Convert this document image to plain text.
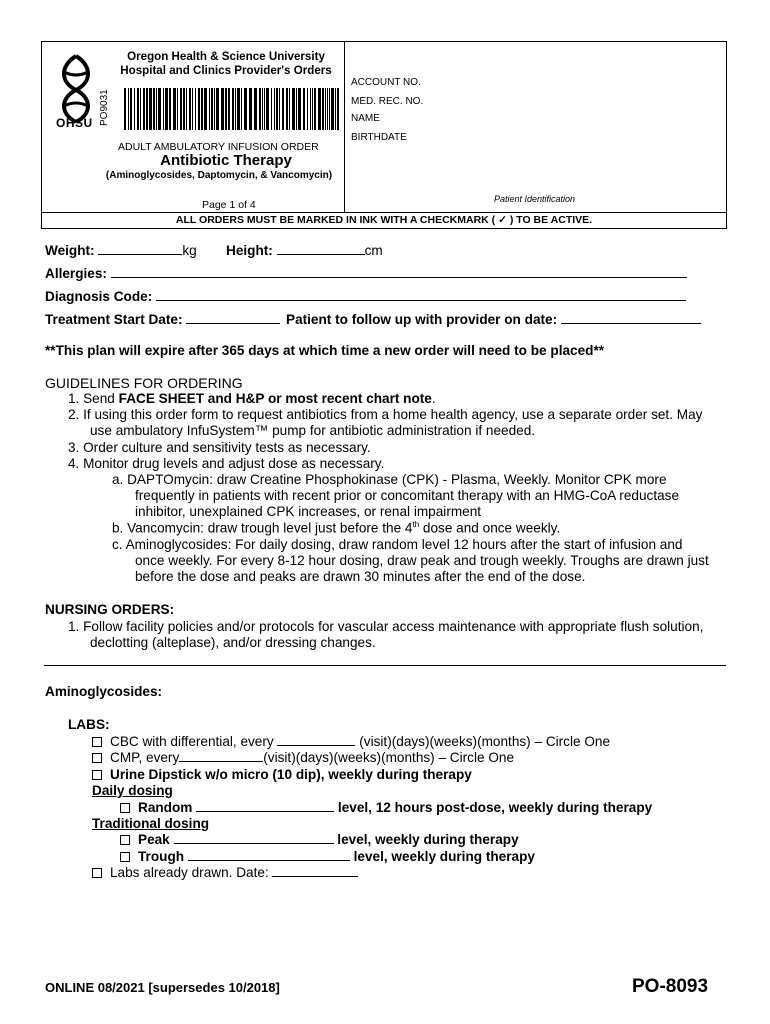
OHSU PO9031
Oregon Health & Science University
Hospital and Clinics Provider's Orders
ADULT AMBULATORY INFUSION ORDER
Antibiotic Therapy
(Aminoglycosides, Daptomycin, & Vancomycin)
Page 1 of 4
ACCOUNT NO.
MED. REC. NO.
NAME
BIRTHDATE
Patient Identification
ALL ORDERS MUST BE MARKED IN INK WITH A CHECKMARK ( ✓ ) TO BE ACTIVE.
Weight:	kg Height:	cm
Allergies:
Diagnosis Code:
Treatment Start Date:	Patient to follow up with provider on date:
**This plan will expire after 365 days at which time a new order will need to be placed**
GUIDELINES FOR ORDERING
1. Send FACE SHEET and H&P or most recent chart note.
2. If using this order form to request antibiotics from a home health agency, use a separate order set. May
use ambulatory InfuSystem™ pump for antibiotic administration if needed.
3. Order culture and sensitivity tests as necessary.
4. Monitor drug levels and adjust dose as necessary.
a. DAPTOmycin: draw Creatine Phosphokinase (CPK) - Plasma, Weekly. Monitor CPK more
frequently in patients with recent prior or concomitant therapy with an HMG-CoA reductase
inhibitor, unexplained CPK increases, or renal impairment
b. Vancomycin: draw trough level just before the 4th dose and once weekly.
c. Aminoglycosides: For daily dosing, draw random level 12 hours after the start of infusion and
once weekly. For every 8-12 hour dosing, draw peak and trough weekly. Troughs are drawn just
before the dose and peaks are drawn 30 minutes after the end of the dose.
NURSING ORDERS:
1. Follow facility policies and/or protocols for vascular access maintenance with appropriate flush solution,
declotting (alteplase), and/or dressing changes.
Aminoglycosides:
LABS:
CBC with differential, every	(visit)(days)(weeks)(months) – Circle One
CMP, every	(visit)(days)(weeks)(months) – Circle One
Urine Dipstick w/o micro (10 dip), weekly during therapy
Daily dosing
Random	level, 12 hours post-dose, weekly during therapy
Traditional dosing
Peak	level, weekly during therapy
Trough	level, weekly during therapy
Labs already drawn. Date:
ONLINE 08/2021 [supersedes 10/2018]	PO-8093
